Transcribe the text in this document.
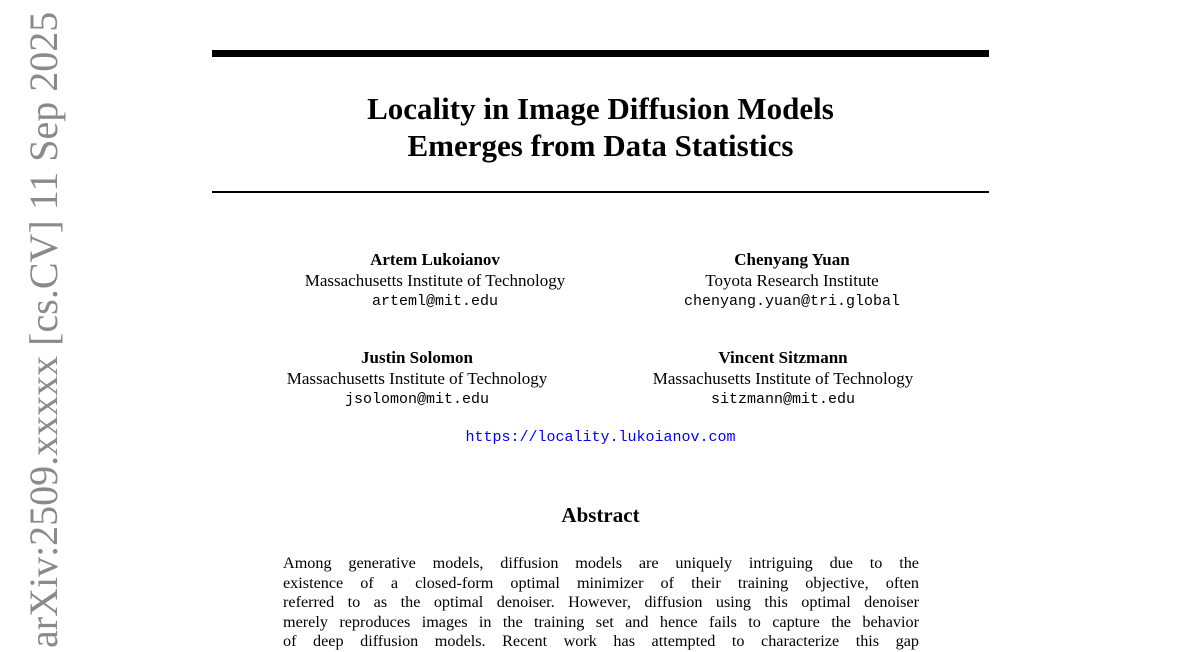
Locality in Image Diffusion Models
Emerges from Data Statistics
Artem Lukoianov
Massachusetts Institute of Technology
arteml@mit.edu
Chenyang Yuan
Toyota Research Institute
chenyang.yuan@tri.global
Justin Solomon
Massachusetts Institute of Technology
jsolomon@mit.edu
Vincent Sitzmann
Massachusetts Institute of Technology
sitzmann@mit.edu
https://locality.lukoianov.com
Abstract
Among generative models, diffusion models are uniquely intriguing due to the
existence of a closed-form optimal minimizer of their training objective, often
referred to as the optimal denoiser. However, diffusion using this optimal denoiser
merely reproduces images in the training set and hence fails to capture the behavior
of deep diffusion models. Recent work has attempted to characterize this gap
arXiv:2509.xxxxx [cs.CV] 11 Sep 2025
